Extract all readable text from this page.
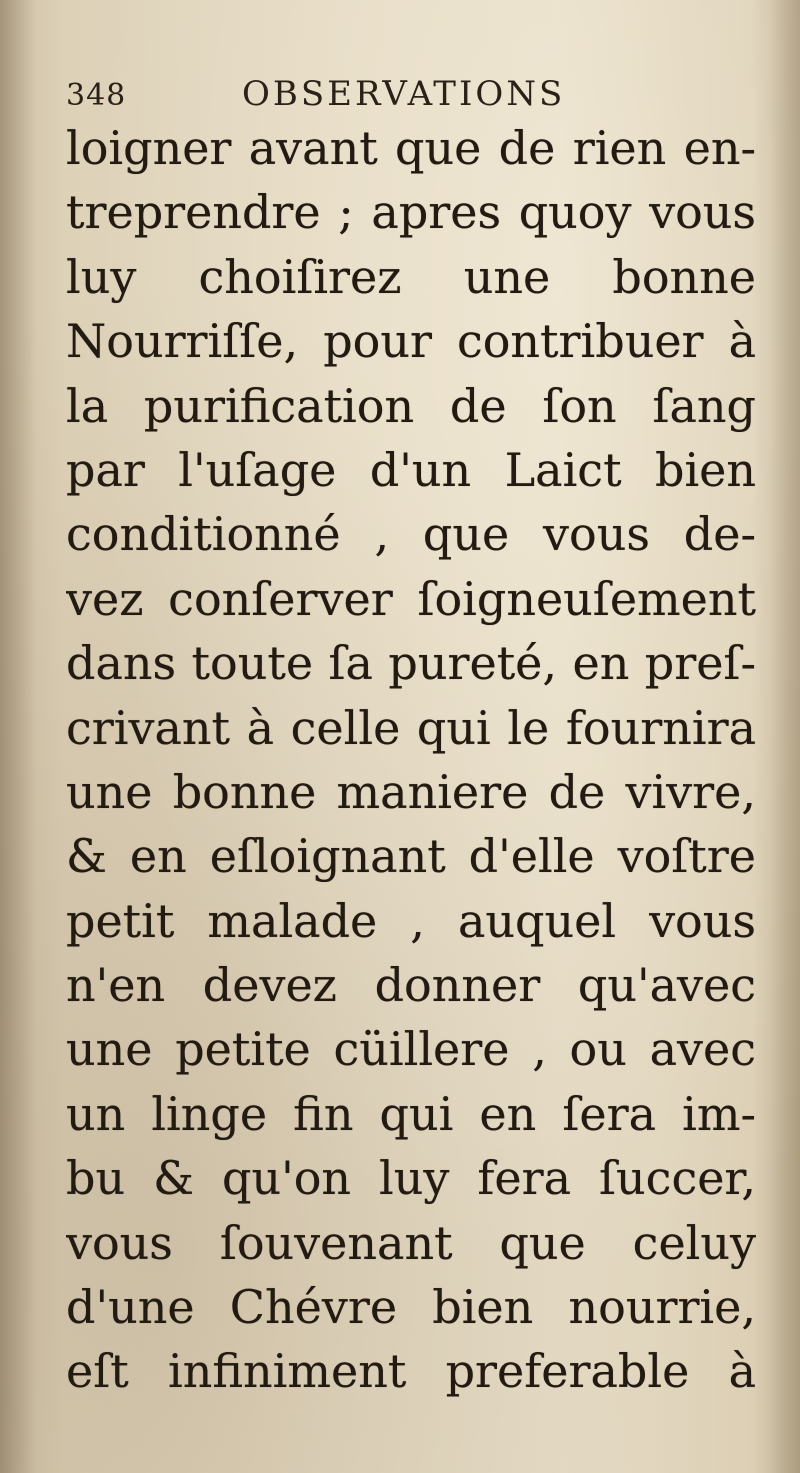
348	OBSERVATIONS
loigner avant que de rien en-
treprendre ; apres quoy vous
luy choiſirez une bonne
Nourriſſe, pour contribuer à
la purification de ſon ſang
par l'uſage d'un Laict bien
conditionné , que vous de-
vez conſerver ſoigneuſement
dans toute ſa pureté, en preſ-
crivant à celle qui le fournira
une bonne maniere de vivre,
& en eſloignant d'elle voſtre
petit malade , auquel vous
n'en devez donner qu'avec
une petite cüillere , ou avec
un linge fin qui en ſera im-
bu & qu'on luy fera ſuccer,
vous ſouvenant que celuy
d'une Chévre bien nourrie,
eſt infiniment preferable à
